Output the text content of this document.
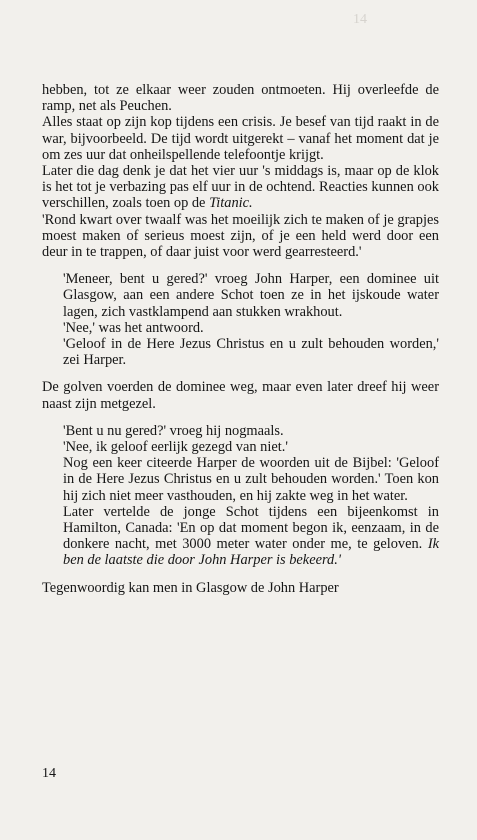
14

hebben, tot ze elkaar weer zouden ontmoeten. Hij overleefde de ramp, net als Peuchen.

Alles staat op zijn kop tijdens een crisis. Je besef van tijd raakt in de war, bijvoorbeeld. De tijd wordt uitgerekt – vanaf het moment dat je om zes uur dat onheilspellende telefoontje krijgt.

Later die dag denk je dat het vier uur 's middags is, maar op de klok is het tot je verbazing pas elf uur in de ochtend. Reacties kunnen ook verschillen, zoals toen op de Titanic.

'Rond kwart over twaalf was het moeilijk zich te maken of je grapjes moest maken of serieus moest zijn, of je een held werd door een deur in te trappen, of daar juist voor werd gearresteerd.'

'Meneer, bent u gered?' vroeg John Harper, een dominee uit Glasgow, aan een andere Schot toen ze in het ijskoude water lagen, zich vastklampend aan stukken wrakhout.

'Nee,' was het antwoord.

'Geloof in de Here Jezus Christus en u zult behouden worden,' zei Harper.

De golven voerden de dominee weg, maar even later dreef hij weer naast zijn metgezel.

'Bent u nu gered?' vroeg hij nogmaals.

'Nee, ik geloof eerlijk gezegd van niet.'

Nog een keer citeerde Harper de woorden uit de Bijbel: 'Geloof in de Here Jezus Christus en u zult behouden worden.' Toen kon hij zich niet meer vasthouden, en hij zakte weg in het water.

Later vertelde de jonge Schot tijdens een bijeenkomst in Hamilton, Canada: 'En op dat moment begon ik, eenzaam, in de donkere nacht, met 3000 meter water onder me, te geloven. Ik ben de laatste die door John Harper is bekeerd.'

Tegenwoordig kan men in Glasgow de John Harper

14
